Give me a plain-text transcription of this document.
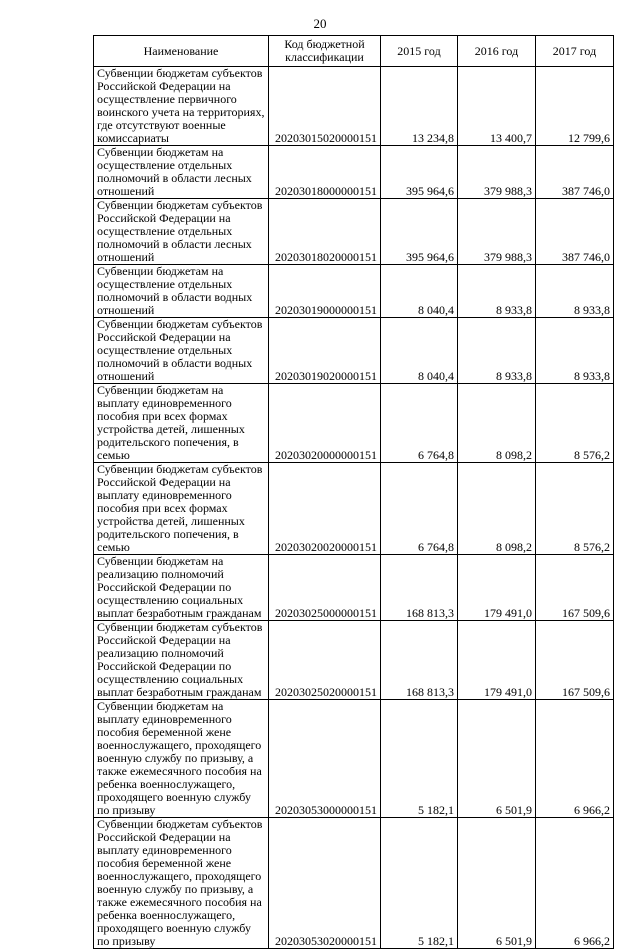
20
Наименование	Код бюджетной классификации	2015 год	2016 год	2017 год
Субвенции бюджетам субъектов Российской Федерации на осуществление первичного воинского учета на территориях, где отсутствуют военные комиссариаты	20203015020000151	13 234,8	13 400,7	12 799,6
Субвенции бюджетам на осуществление отдельных полномочий в области лесных отношений	20203018000000151	395 964,6	379 988,3	387 746,0
Субвенции бюджетам субъектов Российской Федерации на осуществление отдельных полномочий в области лесных отношений	20203018020000151	395 964,6	379 988,3	387 746,0
Субвенции бюджетам на осуществление отдельных полномочий в области водных отношений	20203019000000151	8 040,4	8 933,8	8 933,8
Субвенции бюджетам субъектов Российской Федерации на осуществление отдельных полномочий в области водных отношений	20203019020000151	8 040,4	8 933,8	8 933,8
Субвенции бюджетам на выплату единовременного пособия при всех формах устройства детей, лишенных родительского попечения, в семью	20203020000000151	6 764,8	8 098,2	8 576,2
Субвенции бюджетам субъектов Российской Федерации на выплату единовременного пособия при всех формах устройства детей, лишенных родительского попечения, в семью	20203020020000151	6 764,8	8 098,2	8 576,2
Субвенции бюджетам на реализацию полномочий Российской Федерации по осуществлению социальных выплат безработным гражданам	20203025000000151	168 813,3	179 491,0	167 509,6
Субвенции бюджетам субъектов Российской Федерации на реализацию полномочий Российской Федерации по осуществлению социальных выплат безработным гражданам	20203025020000151	168 813,3	179 491,0	167 509,6
Субвенции бюджетам на выплату единовременного пособия беременной жене военнослужащего, проходящего военную службу по призыву, а также ежемесячного пособия на ребенка военнослужащего, проходящего военную службу по призыву	20203053000000151	5 182,1	6 501,9	6 966,2
Субвенции бюджетам субъектов Российской Федерации на выплату единовременного пособия беременной жене военнослужащего, проходящего военную службу по призыву, а также ежемесячного пособия на ребенка военнослужащего, проходящего военную службу по призыву	20203053020000151	5 182,1	6 501,9	6 966,2
